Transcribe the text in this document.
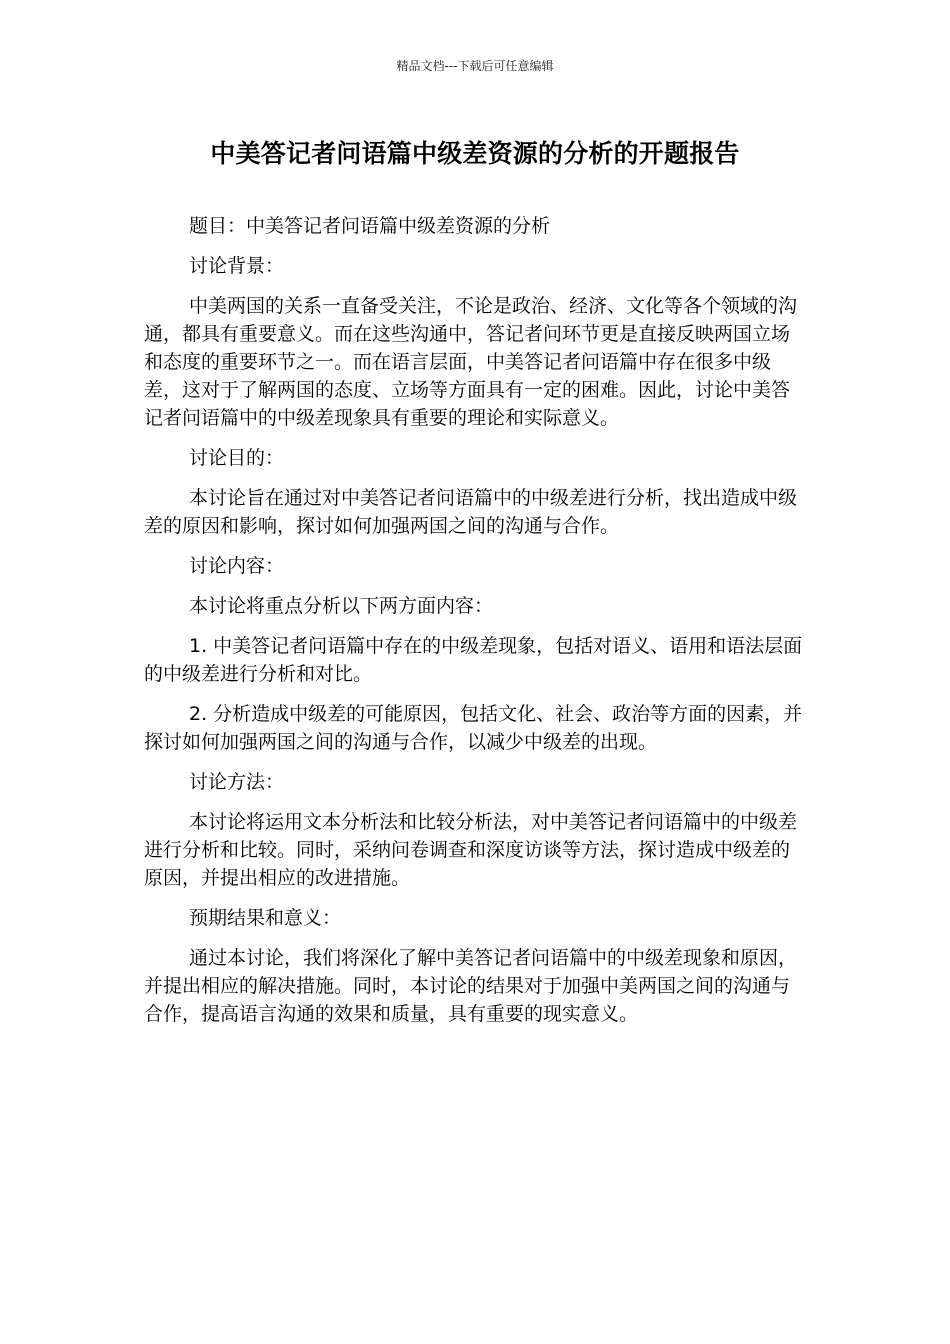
精品文档---下载后可任意编辑
中美答记者问语篇中级差资源的分析的开题报告

题目：中美答记者问语篇中级差资源的分析

讨论背景：

中美两国的关系一直备受关注，不论是政治、经济、文化等各个领域的沟通，都具有重要意义。而在这些沟通中，答记者问环节更是直接反映两国立场和态度的重要环节之一。而在语言层面，中美答记者问语篇中存在很多中级差，这对于了解两国的态度、立场等方面具有一定的困难。因此，讨论中美答记者问语篇中的中级差现象具有重要的理论和实际意义。

讨论目的：

本讨论旨在通过对中美答记者问语篇中的中级差进行分析，找出造成中级差的原因和影响，探讨如何加强两国之间的沟通与合作。

讨论内容：

本讨论将重点分析以下两方面内容：

1. 中美答记者问语篇中存在的中级差现象，包括对语义、语用和语法层面的中级差进行分析和对比。

2. 分析造成中级差的可能原因，包括文化、社会、政治等方面的因素，并探讨如何加强两国之间的沟通与合作，以减少中级差的出现。

讨论方法：

本讨论将运用文本分析法和比较分析法，对中美答记者问语篇中的中级差进行分析和比较。同时，采纳问卷调查和深度访谈等方法，探讨造成中级差的原因，并提出相应的改进措施。

预期结果和意义：

通过本讨论，我们将深化了解中美答记者问语篇中的中级差现象和原因，并提出相应的解决措施。同时，本讨论的结果对于加强中美两国之间的沟通与合作，提高语言沟通的效果和质量，具有重要的现实意义。
